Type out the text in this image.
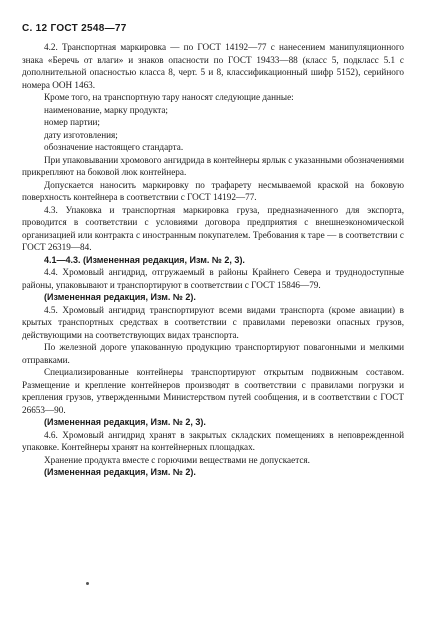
С. 12 ГОСТ 2548—77

4.2. Транспортная маркировка — по ГОСТ 14192—77 с нанесением манипуляционного знака «Беречь от влаги» и знаков опасности по ГОСТ 19433—88 (класс 5, подкласс 5.1 с дополнительной опасностью класса 8, черт. 5 и 8, классификационный шифр 5152), серийного номера ООН 1463.

Кроме того, на транспортную тару наносят следующие данные:

наименование, марку продукта;

номер партии;

дату изготовления;

обозначение настоящего стандарта.

При упаковывании хромового ангидрида в контейнеры ярлык с указанными обозначениями прикрепляют на боковой люк контейнера.

Допускается наносить маркировку по трафарету несмываемой краской на боковую поверхность контейнера в соответствии с ГОСТ 14192—77.

4.3. Упаковка и транспортная маркировка груза, предназначенного для экспорта, проводится в соответствии с условиями договора предприятия с внешнеэкономической организацией или контракта с иностранным покупателем. Требования к таре — в соответствии с ГОСТ 26319—84.

4.1—4.3. (Измененная редакция, Изм. № 2, 3).

4.4. Хромовый ангидрид, отгружаемый в районы Крайнего Севера и труднодоступные районы, упаковывают и транспортируют в соответствии с ГОСТ 15846—79.

(Измененная редакция, Изм. № 2).

4.5. Хромовый ангидрид транспортируют всеми видами транспорта (кроме авиации) в крытых транспортных средствах в соответствии с правилами перевозки опасных грузов, действующими на соответствующих видах транспорта.

По железной дороге упакованную продукцию транспортируют повагонными и мелкими отправками.

Специализированные контейнеры транспортируют открытым подвижным составом. Размещение и крепление контейнеров производят в соответствии с правилами погрузки и крепления грузов, утвержденными Министерством путей сообщения, и в соответствии с ГОСТ 26653—90.

(Измененная редакция, Изм. № 2, 3).

4.6. Хромовый ангидрид хранят в закрытых складских помещениях в неповрежденной упаковке. Контейнеры хранят на контейнерных площадках.

Хранение продукта вместе с горючими веществами не допускается.

(Измененная редакция, Изм. № 2).
